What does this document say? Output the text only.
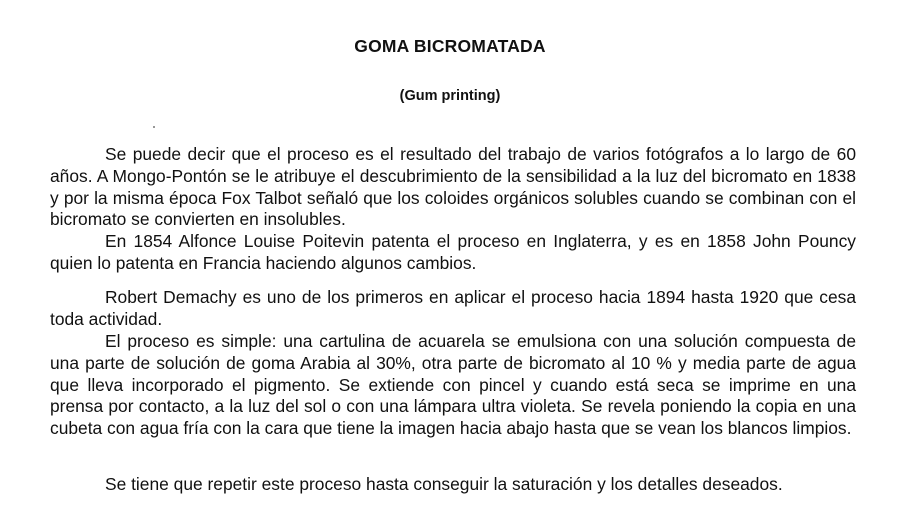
GOMA BICROMATADA
(Gum printing)

Se puede decir que el proceso es el resultado del trabajo de varios fotógrafos a lo largo de 60 años. A Mongo-Pontón se le atribuye el descubrimiento de la sensibilidad a la luz del bicromato en 1838 y por la misma época Fox Talbot señaló que los coloides orgánicos solubles cuando se combinan con el bicromato se convierten en insolubles.

En 1854 Alfonce Louise Poitevin patenta el proceso en Inglaterra, y es en 1858 John Pouncy quien lo patenta en Francia haciendo algunos cambios.

Robert Demachy es uno de los primeros en aplicar el proceso hacia 1894 hasta 1920 que cesa toda actividad.

El proceso es simple: una cartulina de acuarela se emulsiona con una solución compuesta de una parte de solución de goma Arabia al 30%, otra parte de bicromato al 10 % y media parte de agua que lleva incorporado el pigmento. Se extiende con pincel y cuando está seca se imprime en una prensa por contacto, a la luz del sol o con una lámpara ultra violeta. Se revela poniendo la copia en una cubeta con agua fría con la cara que tiene la imagen hacia abajo hasta que se vean los blancos limpios.

Se tiene que repetir este proceso hasta conseguir la saturación y los detalles deseados.
